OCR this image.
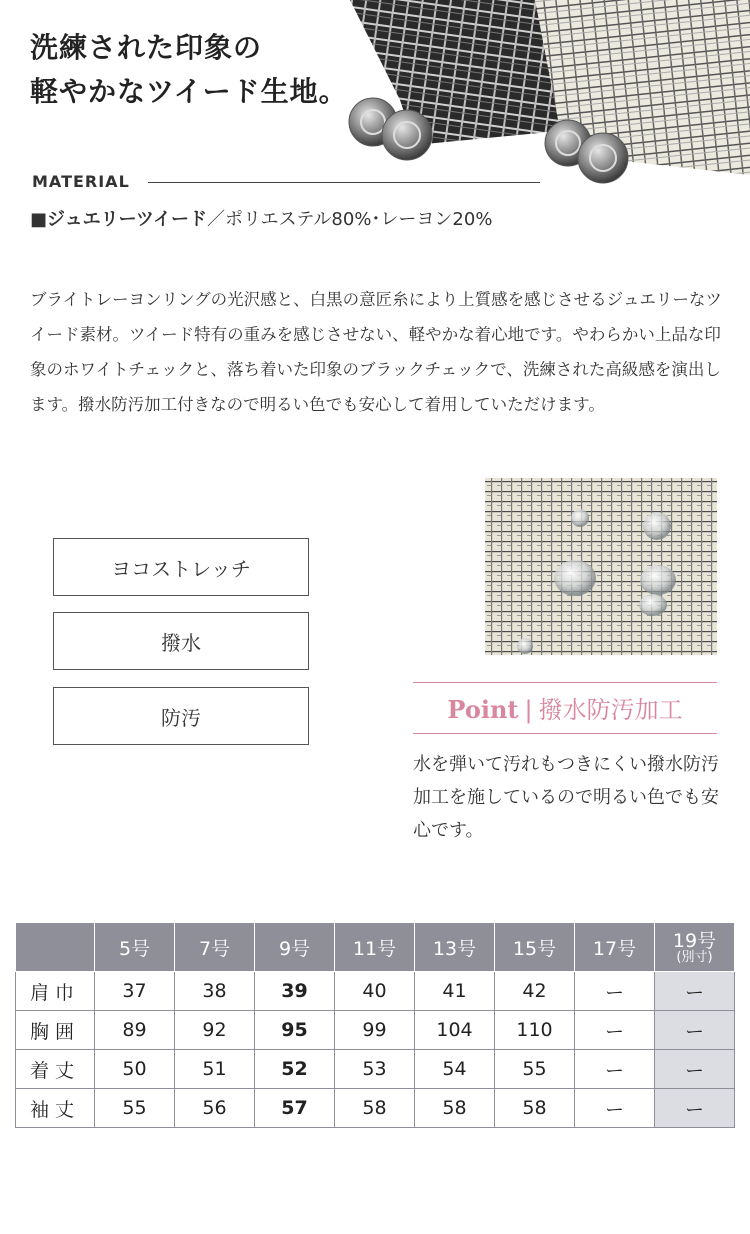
洗練された印象の
軽やかなツイード生地。
MATERIAL
■ジュエリーツイード／ポリエステル80%･レーヨン20%
ブライトレーヨンリングの光沢感と、白黒の意匠糸により上質感を感じさせるジュエリーなツイード素材。ツイード特有の重みを感じさせない、軽やかな着心地です。やわらかい上品な印象のホワイトチェックと、落ち着いた印象のブラックチェックで、洗練された高級感を演出します。撥水防汚加工付きなので明るい色でも安心して着用していただけます。
ヨコストレッチ
撥水
防汚	Point | 撥水防汚加工
水を弾いて汚れもつきにくい撥水防汚加工を施しているので明るい色でも安心です。
	5号	7号	9号	11号	13号	15号	17号	19号
(別寸)

肩巾	37	38	39	40	41	42	ー	ー
胸囲	89	92	95	99	104	110	ー	ー
着丈	50	51	52	53	54	55	ー	ー
袖丈	55	56	57	58	58	58	ー	ー
